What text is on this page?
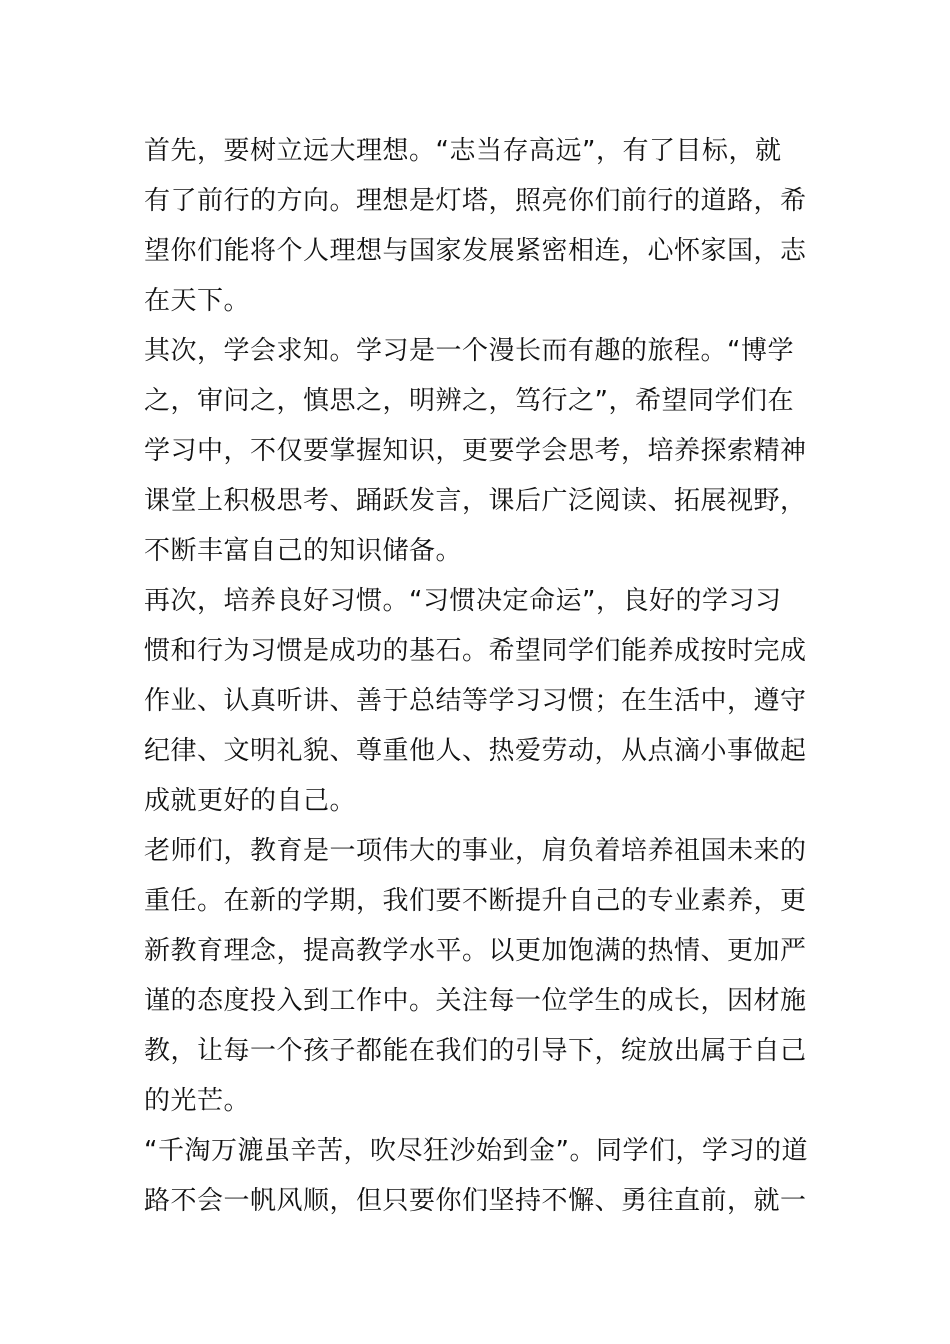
首先，要树立远大理想。“志当存高远”，有了目标，就
有了前行的方向。理想是灯塔，照亮你们前行的道路，希
望你们能将个人理想与国家发展紧密相连，心怀家国，志
在天下。
其次，学会求知。学习是一个漫长而有趣的旅程。“博学
之，审问之，慎思之，明辨之，笃行之”，希望同学们在
学习中，不仅要掌握知识，更要学会思考，培养探索精神
课堂上积极思考、踊跃发言，课后广泛阅读、拓展视野，
不断丰富自己的知识储备。
再次，培养良好习惯。“习惯决定命运”，良好的学习习
惯和行为习惯是成功的基石。希望同学们能养成按时完成
作业、认真听讲、善于总结等学习习惯；在生活中，遵守
纪律、文明礼貌、尊重他人、热爱劳动，从点滴小事做起
成就更好的自己。
老师们，教育是一项伟大的事业，肩负着培养祖国未来的
重任。在新的学期，我们要不断提升自己的专业素养，更
新教育理念，提高教学水平。以更加饱满的热情、更加严
谨的态度投入到工作中。关注每一位学生的成长，因材施
教，让每一个孩子都能在我们的引导下，绽放出属于自己
的光芒。
“千淘万漉虽辛苦，吹尽狂沙始到金”。同学们，学习的道
路不会一帆风顺，但只要你们坚持不懈、勇往直前，就一
